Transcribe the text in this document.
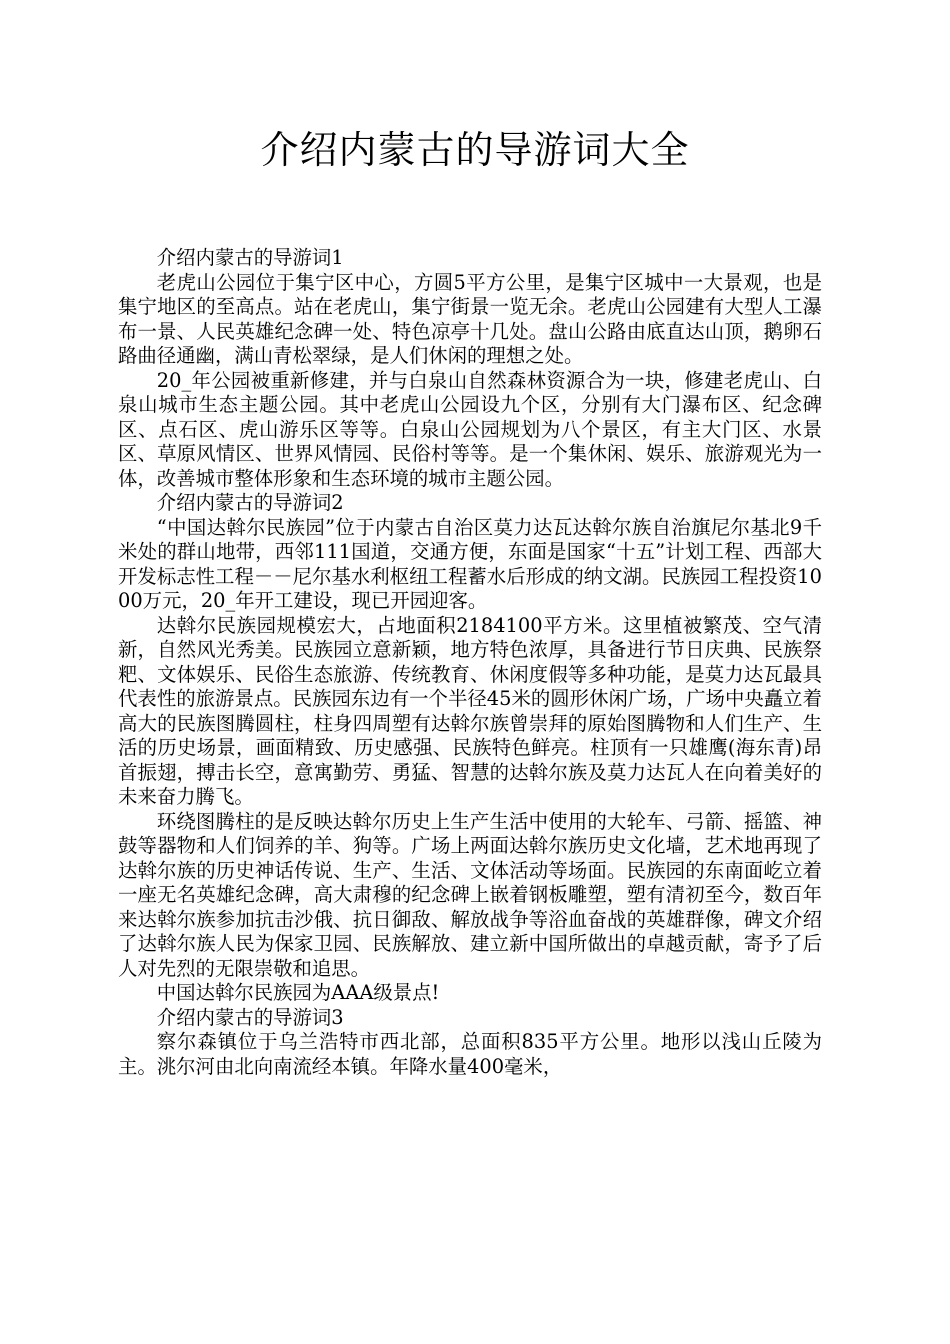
介绍内蒙古的导游词大全

介绍内蒙古的导游词1

老虎山公园位于集宁区中心，方圆5平方公里，是集宁区城中一大景观，也是集宁地区的至高点。站在老虎山，集宁街景一览无余。老虎山公园建有大型人工瀑布一景、人民英雄纪念碑一处、特色凉亭十几处。盘山公路由底直达山顶，鹅卵石路曲径通幽，满山青松翠绿，是人们休闲的理想之处。

20_年公园被重新修建，并与白泉山自然森林资源合为一块，修建老虎山、白泉山城市生态主题公园。其中老虎山公园设九个区，分别有大门瀑布区、纪念碑区、点石区、虎山游乐区等等。白泉山公园规划为八个景区，有主大门区、水景区、草原风情区、世界风情园、民俗村等等。是一个集休闲、娱乐、旅游观光为一体，改善城市整体形象和生态环境的城市主题公园。

介绍内蒙古的导游词2

“中国达斡尔民族园”位于内蒙古自治区莫力达瓦达斡尔族自治旗尼尔基北9千米处的群山地带，西邻111国道，交通方便，东面是国家“十五”计划工程、西部大开发标志性工程－－尼尔基水利枢纽工程蓄水后形成的纳文湖。民族园工程投资1000万元，20_年开工建设，现已开园迎客。

达斡尔民族园规模宏大，占地面积2184100平方米。这里植被繁茂、空气清新，自然风光秀美。民族园立意新颖，地方特色浓厚，具备进行节日庆典、民族祭粑、文体娱乐、民俗生态旅游、传统教育、休闲度假等多种功能，是莫力达瓦最具代表性的旅游景点。民族园东边有一个半径45米的圆形休闲广场，广场中央矗立着高大的民族图腾圆柱，柱身四周塑有达斡尔族曾崇拜的原始图腾物和人们生产、生活的历史场景，画面精致、历史感强、民族特色鲜亮。柱顶有一只雄鹰(海东青)昂首振翅，搏击长空，意寓勤劳、勇猛、智慧的达斡尔族及莫力达瓦人在向着美好的未来奋力腾飞。

环绕图腾柱的是反映达斡尔历史上生产生活中使用的大轮车、弓箭、摇篮、神鼓等器物和人们饲养的羊、狗等。广场上两面达斡尔族历史文化墙，艺术地再现了达斡尔族的历史神话传说、生产、生活、文体活动等场面。民族园的东南面屹立着一座无名英雄纪念碑，高大肃穆的纪念碑上嵌着钢板雕塑，塑有清初至今，数百年来达斡尔族参加抗击沙俄、抗日御敌、解放战争等浴血奋战的英雄群像，碑文介绍了达斡尔族人民为保家卫园、民族解放、建立新中国所做出的卓越贡献，寄予了后人对先烈的无限崇敬和追思。

中国达斡尔民族园为AAA级景点!

介绍内蒙古的导游词3

察尔森镇位于乌兰浩特市西北部，总面积835平方公里。地形以浅山丘陵为主。洮尔河由北向南流经本镇。年降水量400毫米，
